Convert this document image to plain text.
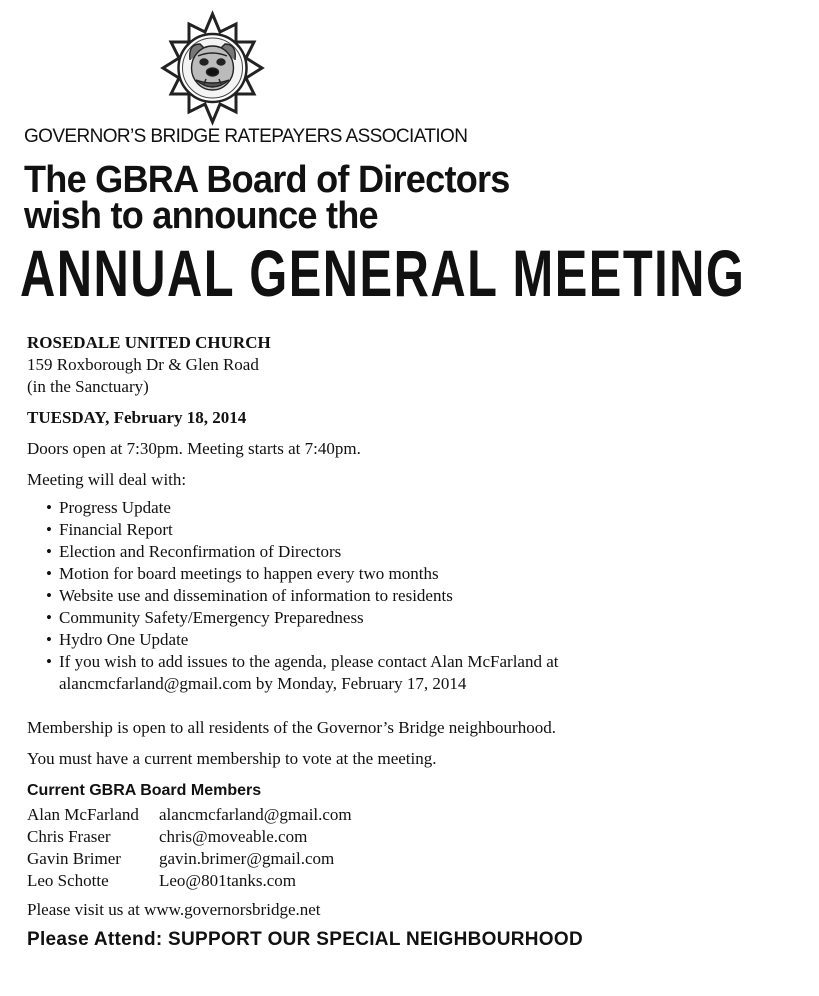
GOVERNOR’S BRIDGE RATEPAYERS ASSOCIATION
The GBRA Board of Directors
wish to announce the
ANNUAL GENERAL MEETING

ROSEDALE UNITED CHURCH

159 Roxborough Dr & Glen Road

(in the Sanctuary)

TUESDAY, February 18, 2014

Doors open at 7:30pm. Meeting starts at 7:40pm.

Meeting will deal with:

• Progress Update
• Financial Report
• Election and Reconfirmation of Directors
• Motion for board meetings to happen every two months
• Website use and dissemination of information to residents
• Community Safety/Emergency Preparedness
• Hydro One Update
• If you wish to add issues to the agenda, please contact Alan McFarland at
alancmcfarland@gmail.com by Monday, February 17, 2014

Membership is open to all residents of the Governor’s Bridge neighbourhood.

You must have a current membership to vote at the meeting.

Current GBRA Board Members

Alan McFarland	alancmcfarland@gmail.com
Chris Fraser	chris@moveable.com
Gavin Brimer	gavin.brimer@gmail.com
Leo Schotte	Leo@801tanks.com

Please visit us at www.governorsbridge.net

Please Attend: SUPPORT OUR SPECIAL NEIGHBOURHOOD
